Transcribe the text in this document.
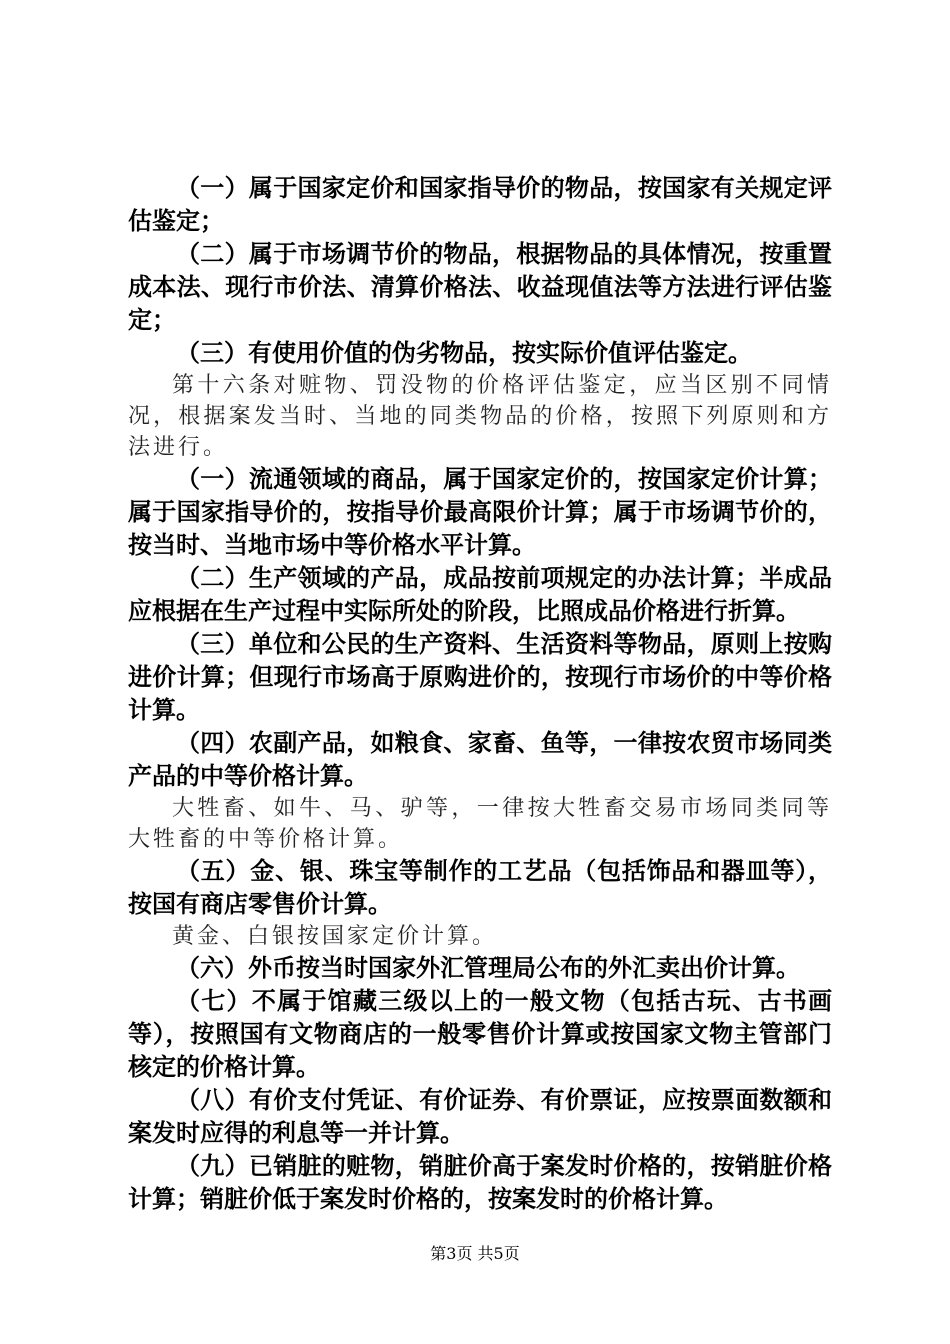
（一）属于国家定价和国家指导价的物品，按国家有关规定评估鉴定；

（二）属于市场调节价的物品，根据物品的具体情况，按重置成本法、现行市价法、清算价格法、收益现值法等方法进行评估鉴定；

（三）有使用价值的伪劣物品，按实际价值评估鉴定。

第十六条对赃物、罚没物的价格评估鉴定，应当区别不同情况，根据案发当时、当地的同类物品的价格，按照下列原则和方法进行。

（一）流通领域的商品，属于国家定价的，按国家定价计算；属于国家指导价的，按指导价最高限价计算；属于市场调节价的，按当时、当地市场中等价格水平计算。

（二）生产领域的产品，成品按前项规定的办法计算；半成品应根据在生产过程中实际所处的阶段，比照成品价格进行折算。

（三）单位和公民的生产资料、生活资料等物品，原则上按购进价计算；但现行市场高于原购进价的，按现行市场价的中等价格计算。

（四）农副产品，如粮食、家畜、鱼等，一律按农贸市场同类产品的中等价格计算。

大牲畜、如牛、马、驴等，一律按大牲畜交易市场同类同等大牲畜的中等价格计算。

（五）金、银、珠宝等制作的工艺品（包括饰品和器皿等），按国有商店零售价计算。

黄金、白银按国家定价计算。

（六）外币按当时国家外汇管理局公布的外汇卖出价计算。

（七）不属于馆藏三级以上的一般文物（包括古玩、古书画等），按照国有文物商店的一般零售价计算或按国家文物主管部门核定的价格计算。

（八）有价支付凭证、有价证券、有价票证，应按票面数额和案发时应得的利息等一并计算。

（九）已销脏的赃物，销脏价高于案发时价格的，按销脏价格计算；销脏价低于案发时价格的，按案发时的价格计算。

第3页 共5页
